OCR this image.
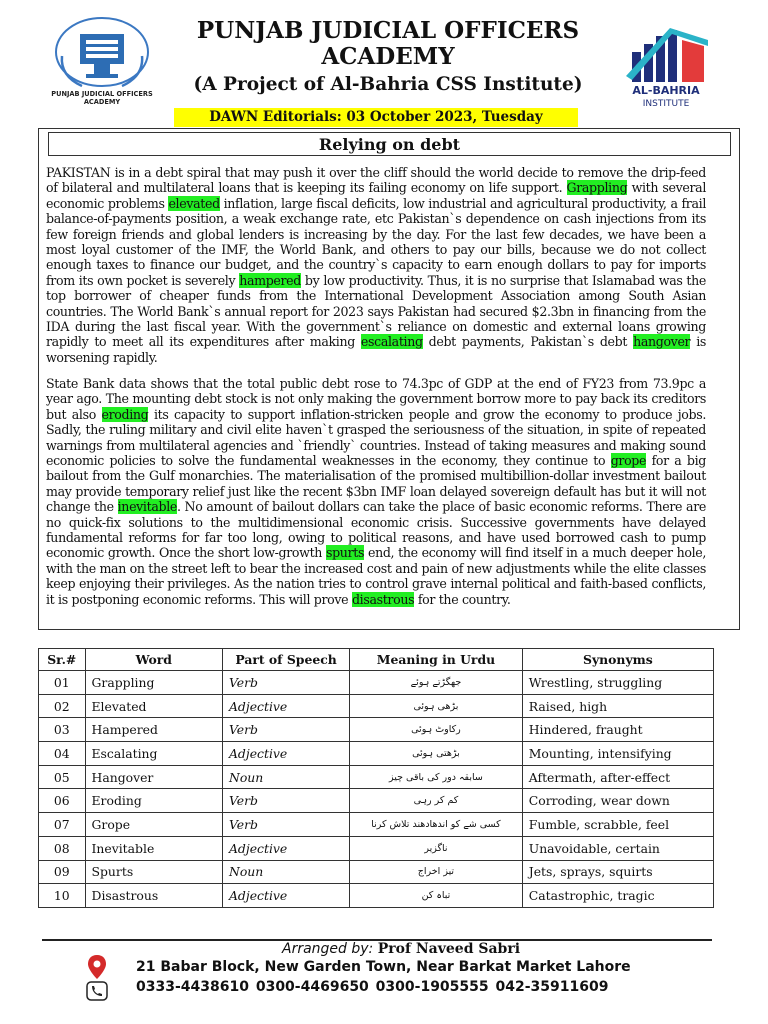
PUNJAB JUDICIAL OFFICERS
ACADEMY
PUNJAB JUDICIAL OFFICERS ACADEMY
(A Project of Al-Bahria CSS Institute)	AL-BAHRIA
INSTITUTE
DAWN Editorials: 03 October 2023, Tuesday
Relying on debt
PAKISTAN is in a debt spiral that may push it over the cliff should the world decide to remove the drip-feed of bilateral and multilateral loans that is keeping its failing economy on life support. Grappling with several economic problems elevated inflation, large fiscal deficits, low industrial and agricultural productivity, a frail balance-of-payments position, a weak exchange rate, etc Pakistan`s dependence on cash injections from its few foreign friends and global lenders is increasing by the day. For the last few decades, we have been a most loyal customer of the IMF, the World Bank, and others to pay our bills, because we do not collect enough taxes to finance our budget, and the country`s capacity to earn enough dollars to pay for imports from its own pocket is severely hampered by low productivity. Thus, it is no surprise that Islamabad was the top borrower of cheaper funds from the International Development Association among South Asian countries. The World Bank`s annual report for 2023 says Pakistan had secured $2.3bn in financing from the IDA during the last fiscal year. With the government`s reliance on domestic and external loans growing rapidly to meet all its expenditures after making escalating debt payments, Pakistan`s debt hangover is worsening rapidly.
State Bank data shows that the total public debt rose to 74.3pc of GDP at the end of FY23 from 73.9pc a year ago. The mounting debt stock is not only making the government borrow more to pay back its creditors but also eroding its capacity to support inflation-stricken people and grow the economy to produce jobs. Sadly, the ruling military and civil elite haven`t grasped the seriousness of the situation, in spite of repeated warnings from multilateral agencies and `friendly` countries. Instead of taking measures and making sound economic policies to solve the fundamental weaknesses in the economy, they continue to grope for a big bailout from the Gulf monarchies. The materialisation of the promised multibillion-dollar investment bailout may provide temporary relief just like the recent $3bn IMF loan delayed sovereign default has but it will not change the inevitable. No amount of bailout dollars can take the place of basic economic reforms. There are no quick-fix solutions to the multidimensional economic crisis. Successive governments have delayed fundamental reforms for far too long, owing to political reasons, and have used borrowed cash to pump economic growth. Once the short low-growth spurts end, the economy will find itself in a much deeper hole, with the man on the street left to bear the increased cost and pain of new adjustments while the elite classes keep enjoying their privileges. As the nation tries to control grave internal political and faith-based conflicts, it is postponing economic reforms. This will prove disastrous for the country.
Sr.#	Word	Part of Speech	Meaning in Urdu	Synonyms
01	Grappling	Verb	جھگڑتے ہوئے	Wrestling, struggling
02	Elevated	Adjective	بڑھی ہوئی	Raised, high
03	Hampered	Verb	رکاوٹ ہوئی	Hindered, fraught
04	Escalating	Adjective	بڑھتی ہوئی	Mounting, intensifying
05	Hangover	Noun	سابقہ دور کی باقی چیز	Aftermath, after-effect
06	Eroding	Verb	کم کر رہی	Corroding, wear down
07	Grope	Verb	کسی شے کو اندھادھند تلاش کرنا	Fumble, scrabble, feel
08	Inevitable	Adjective	ناگزیر	Unavoidable, certain
09	Spurts	Noun	تیز اخراج	Jets, sprays, squirts
10	Disastrous	Adjective	تباہ کن	Catastrophic, tragic
Arranged by: Prof Naveed Sabri
21 Babar Block, New Garden Town, Near Barkat Market Lahore
0333-4438610 0300-4469650 0300-1905555 042-35911609
